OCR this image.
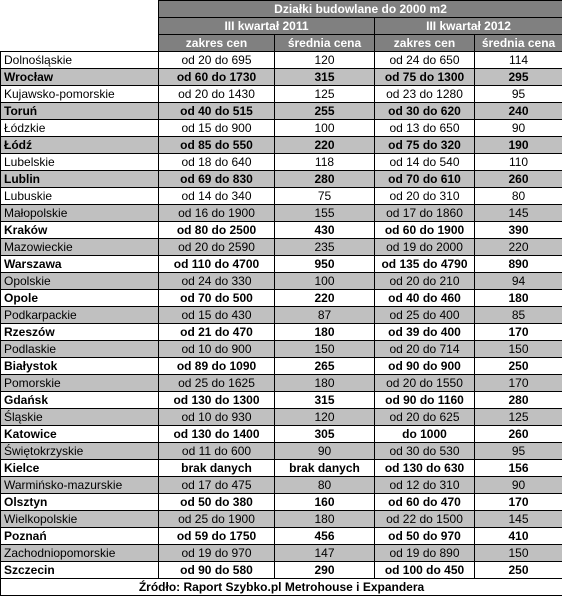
	Działki budowlane do 2000 m2			
	III kwartał 2011		III kwartał 2012	
	zakres cen	średnia cena	zakres cen	średnia cena
Dolnośląskie	od 20 do 695	120	od 24 do 650	114
Wrocław	od 60 do 1730	315	od 75 do 1300	295
Kujawsko-pomorskie	od 20 do 1430	125	od 23 do 1280	95
Toruń	od 40 do 515	255	od 30 do 620	240
Łódzkie	od 15 do 900	100	od 13 do 650	90
Łódź	od 85 do 550	220	od 75 do 320	190
Lubelskie	od 18 do 640	118	od 14 do 540	110
Lublin	od 69 do 830	280	od 70 do 610	260
Lubuskie	od 14 do 340	75	od 20 do 310	80
Małopolskie	od 16 do 1900	155	od 17 do 1860	145
Kraków	od 80 do 2500	430	od 60 do 1900	390
Mazowieckie	od 20 do 2590	235	od 19 do 2000	220
Warszawa	od 110 do 4700	950	od 135 do 4790	890
Opolskie	od 24 do 330	100	od 20 do 210	94
Opole	od 70 do 500	220	od 40 do 460	180
Podkarpackie	od 15 do 430	87	od 25 do 400	85
Rzeszów	od 21 do 470	180	od 39 do 400	170
Podlaskie	od 10 do 900	150	od 20 do 714	150
Białystok	od 89 do 1090	265	od 90 do 900	250
Pomorskie	od 25 do 1625	180	od 20 do 1550	170
Gdańsk	od 130 do 1300	315	od 90 do 1160	280
Śląskie	od 10 do 930	120	od 20 do 625	125
Katowice	od 130 do 1400	305	do 1000	260
Świętokrzyskie	od 11 do 600	90	od 30 do 530	95
Kielce	brak danych	brak danych	od 130 do 630	156
Warmińsko-mazurskie	od 17 do 475	80	od 12 do 310	90
Olsztyn	od 50 do 380	160	od 60 do 470	170
Wielkopolskie	od 25 do 1900	180	od 22 do 1500	145
Poznań	od 59 do 1750	456	od 50 do 970	410
Zachodniopomorskie	od 19 do 970	147	od 19 do 890	150
Szczecin	od 90 do 580	290	od 100 do 450	250
Źródło: Raport Szybko.pl Metrohouse i Expandera				
